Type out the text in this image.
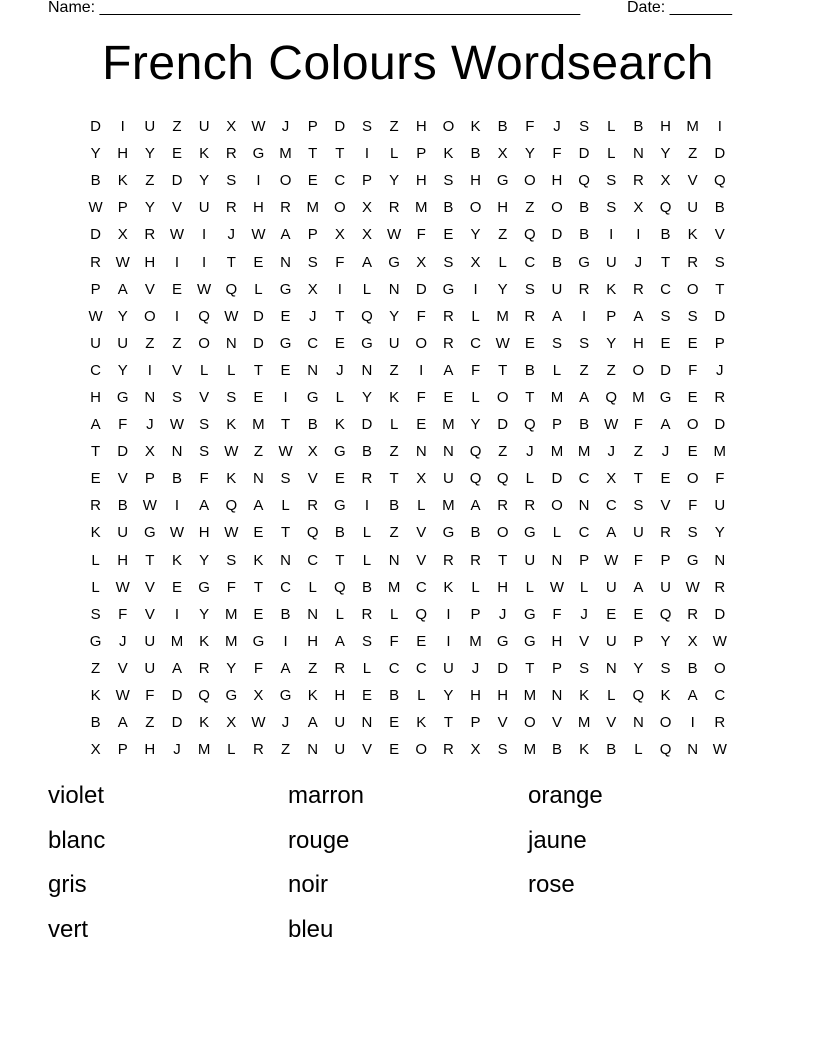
Name: ______________________________________________________

	Date: _______

French Colours Wordsearch
D	I	U	Z	U	X	W	J	P	D	S	Z	H	O	K	B	F	J	S	L	B	H	M	I
Y	H	Y	E	K	R	G	M	T	T	I	L	P	K	B	X	Y	F	D	L	N	Y	Z	D
B	K	Z	D	Y	S	I	O	E	C	P	Y	H	S	H	G	O	H	Q	S	R	X	V	Q
W	P	Y	V	U	R	H	R	M	O	X	R	M	B	O	H	Z	O	B	S	X	Q	U	B
D	X	R W	I	J	W	A	P	X	X	W	F	E	Y	Z	Q	D	B	I	I	B	K	V
R W H	I	I	T	E	N	S	F	A	G	X	S	X	L	C	B	G	U	J	T	R	S
P	A	V	E	W Q	L	G	X	I	L	N	D	G	I	Y	S	U	R	K	R	C	O	T
W	Y	O	I	Q W D	E	J	T	Q	Y	F	R	L	M	R	A	I	P	A	S	S	D
U	U	Z	Z	O	N	D	G	C	E	G	U	O	R	C W	E	S	S	Y	H	E	E	P
C	Y	I	V	L	L	T	E	N	J	N	Z	I	A	F	T	B	L	Z	Z	O	D	F	J
H	G	N	S	V	S	E	I	G	L	Y	K	F	E	L	O	T	M	A	Q	M	G	E	R
A	F	J	W	S	K	M	T	B	K	D	L	E	M	Y	D	Q	P	B	W	F	A	O	D
T	D	X	N	S	W	Z	W	X	G	B	Z	N	N	Q	Z	J	M M	J	Z	J	E	M
E	V	P	B	F	K	N	S	V	E	R	T	X	U	Q	Q	L	D	C	X	T	E	O	F
R	B	W	I	A	Q	A	L	R	G	I	B	L	M	A	R	R	O	N	C	S	V	F	U
K	U	G W H W	E	T	Q	B	L	Z	V	G	B	O	G	L	C	A	U	R	S	Y
L	H	T	K	Y	S	K	N	C	T	L	N	V	R	R	T	U	N	P	W	F	P	G	N
L	W	V	E	G	F	T	C	L	Q	B	M	C	K	L	H	L	W	L	U	A	U W R
S	F	V	I	Y	M	E	B	N	L	R	L	Q	I	P	J	G	F	J	E	E	Q	R	D
G	J	U	M	K	M	G	I	H	A	S	F	E	I	M	G	G	H	V	U	P	Y	X	W
Z	V	U	A	R	Y	F	A	Z	R	L	C	C	U	J	D	T	P	S	N	Y	S	B	O
K	W	F	D	Q	G	X	G	K	H	E	B	L	Y	H	H	M	N	K	L	Q	K	A	C
B	A	Z	D	K	X	W	J	A	U	N	E	K	T	P	V	O	V	M	V	N	O	I	R
X	P	H	J	M	L	R	Z	N	U	V	E	O	R	X	S	M	B	K	B	L	Q	N W
violet	marron	orange
blanc	rouge	jaune
gris	noir	rose
vert	bleu
